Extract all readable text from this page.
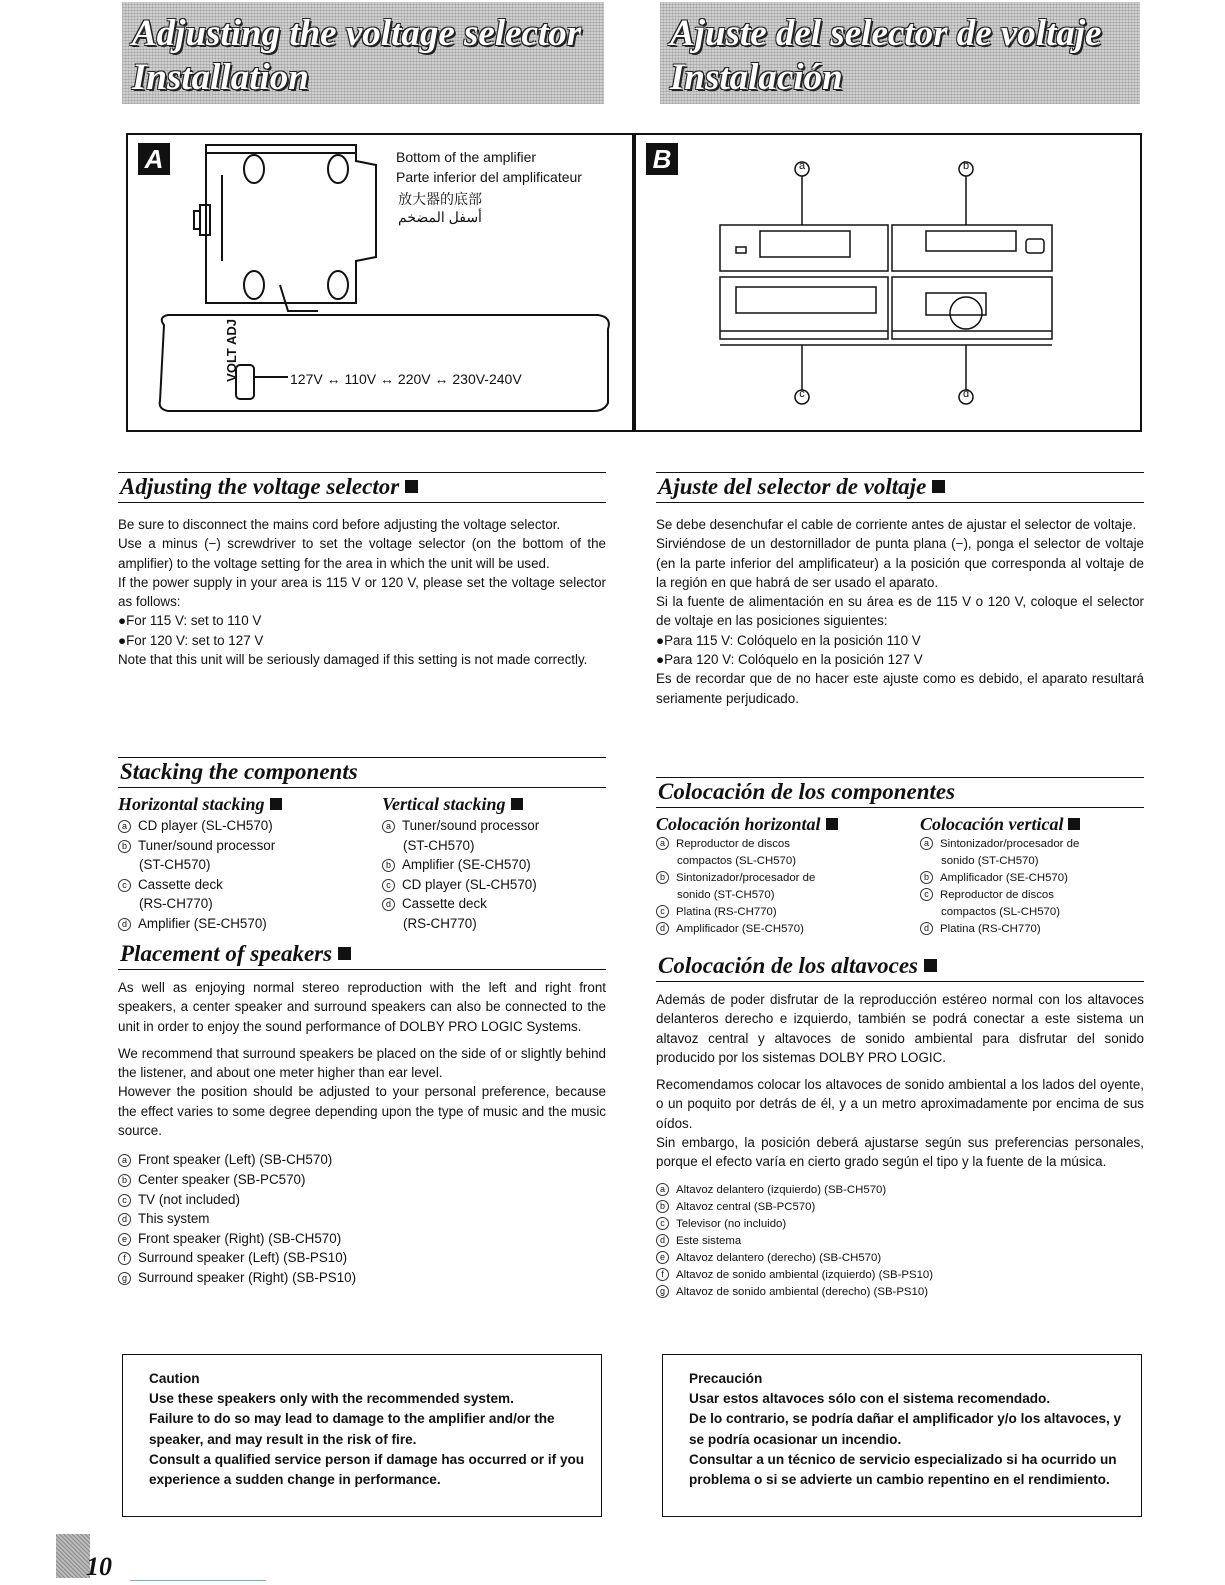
Adjusting the voltage selector
Installation
Ajuste del selector de voltaje
Instalación
A	Bottom of the amplifier
Parte inferior del amplificateur
放大器的底部
أسفل المضخم
VOLT ADJ	127V ↔ 110V ↔ 220V ↔ 230V-240V
B	a	b
c	d
Adjusting the voltage selector
Be sure to disconnect the mains cord before adjusting the voltage selector.
Use a minus (−) screwdriver to set the voltage selector (on the bottom of the amplifier) to the voltage setting for the area in which the unit will be used.
If the power supply in your area is 115 V or 120 V, please set the voltage selector as follows:
●For 115 V: set to 110 V
●For 120 V: set to 127 V
Note that this unit will be seriously damaged if this setting is not made correctly.
Stacking the components
Horizontal stacking
a CD player (SL-CH570)
b Tuner/sound processor
(ST-CH570)
c Cassette deck
(RS-CH770)
d Amplifier (SE-CH570)
Vertical stacking
a Tuner/sound processor
(ST-CH570)
b Amplifier (SE-CH570)
c CD player (SL-CH570)
d Cassette deck
(RS-CH770)
Placement of speakers
As well as enjoying normal stereo reproduction with the left and right front speakers, a center speaker and surround speakers can also be connected to the unit in order to enjoy the sound performance of DOLBY PRO LOGIC Systems.
We recommend that surround speakers be placed on the side of or slightly behind the listener, and about one meter higher than ear level.
However the position should be adjusted to your personal preference, because the effect varies to some degree depending upon the type of music and the music source.
a Front speaker (Left) (SB-CH570)
b Center speaker (SB-PC570)
c TV (not included)
d This system
e Front speaker (Right) (SB-CH570)
f Surround speaker (Left) (SB-PS10)
g Surround speaker (Right) (SB-PS10)
Ajuste del selector de voltaje
Se debe desenchufar el cable de corriente antes de ajustar el selector de voltaje.
Sirviéndose de un destornillador de punta plana (−), ponga el selector de voltaje (en la parte inferior del amplificateur) a la posición que corresponda al voltaje de la región en que habrá de ser usado el aparato.
Si la fuente de alimentación en su área es de 115 V o 120 V, coloque el selector de voltaje en las posiciones siguientes:
●Para 115 V: Colóquelo en la posición 110 V
●Para 120 V: Colóquelo en la posición 127 V
Es de recordar que de no hacer este ajuste como es debido, el aparato resultará seriamente perjudicado.
Colocación de los componentes
Colocación horizontal
a Reproductor de discos
compactos (SL-CH570)
b Sintonizador/procesador de
sonido (ST-CH570)
c Platina (RS-CH770)
d Amplificador (SE-CH570)
Colocación vertical
a Sintonizador/procesador de
sonido (ST-CH570)
b Amplificador (SE-CH570)
c Reproductor de discos
compactos (SL-CH570)
d Platina (RS-CH770)
Colocación de los altavoces
Además de poder disfrutar de la reproducción estéreo normal con los altavoces delanteros derecho e izquierdo, también se podrá conectar a este sistema un altavoz central y altavoces de sonido ambiental para disfrutar del sonido producido por los sistemas DOLBY PRO LOGIC.
Recomendamos colocar los altavoces de sonido ambiental a los lados del oyente, o un poquito por detrás de él, y a un metro aproximadamente por encima de sus oídos.
Sin embargo, la posición deberá ajustarse según sus preferencias personales, porque el efecto varía en cierto grado según el tipo y la fuente de la música.
a Altavoz delantero (izquierdo) (SB-CH570)
b Altavoz central (SB-PC570)
c Televisor (no incluido)
d Este sistema
e Altavoz delantero (derecho) (SB-CH570)
f Altavoz de sonido ambiental (izquierdo) (SB-PS10)
g Altavoz de sonido ambiental (derecho) (SB-PS10)
Caution
Use these speakers only with the recommended system.
Failure to do so may lead to damage to the amplifier and/or the speaker, and may result in the risk of fire.
Consult a qualified service person if damage has occurred or if you experience a sudden change in performance.
Precaución
Usar estos altavoces sólo con el sistema recomendado.
De lo contrario, se podría dañar el amplificador y/o los altavoces, y se podría ocasionar un incendio.
Consultar a un técnico de servicio especializado si ha ocurrido un problema o si se advierte un cambio repentino en el rendimiento.
10
